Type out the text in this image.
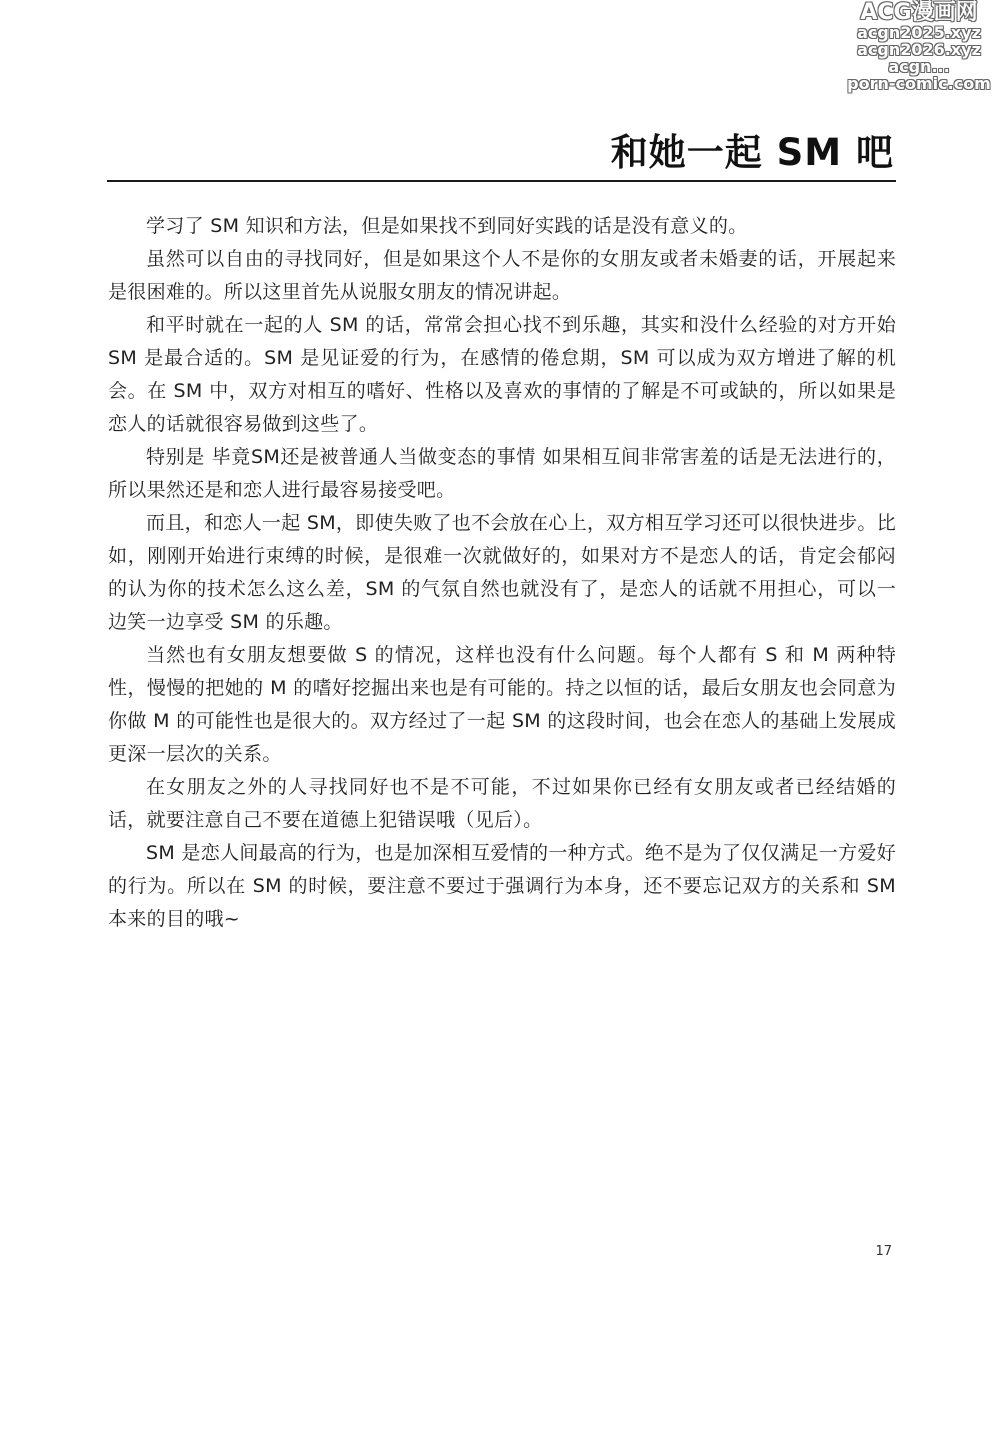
ACG漫画网
acgn2025.xyz
acgn2026.xyz
acgn...
porn-comic.com
和她一起 SM 吧

学习了 SM 知识和方法，但是如果找不到同好实践的话是没有意义的。

虽然可以自由的寻找同好，但是如果这个人不是你的女朋友或者未婚妻的话，开展起来是很困难的。所以这里首先从说服女朋友的情况讲起。

和平时就在一起的人 SM 的话，常常会担心找不到乐趣，其实和没什么经验的对方开始 SM 是最合适的。SM 是见证爱的行为，在感情的倦怠期，SM 可以成为双方增进了解的机会。在 SM 中，双方对相互的嗜好、性格以及喜欢的事情的了解是不可或缺的，所以如果是恋人的话就很容易做到这些了。

特别是 毕竟SM还是被普通人当做变态的事情 如果相互间非常害羞的话是无法进行的，所以果然还是和恋人进行最容易接受吧。

而且，和恋人一起 SM，即使失败了也不会放在心上，双方相互学习还可以很快进步。比如，刚刚开始进行束缚的时候，是很难一次就做好的，如果对方不是恋人的话，肯定会郁闷的认为你的技术怎么这么差，SM 的气氛自然也就没有了，是恋人的话就不用担心，可以一边笑一边享受 SM 的乐趣。

当然也有女朋友想要做 S 的情况，这样也没有什么问题。每个人都有 S 和 M 两种特性，慢慢的把她的 M 的嗜好挖掘出来也是有可能的。持之以恒的话，最后女朋友也会同意为你做 M 的可能性也是很大的。双方经过了一起 SM 的这段时间，也会在恋人的基础上发展成更深一层次的关系。

在女朋友之外的人寻找同好也不是不可能，不过如果你已经有女朋友或者已经结婚的话，就要注意自己不要在道德上犯错误哦（见后）。

SM 是恋人间最高的行为，也是加深相互爱情的一种方式。绝不是为了仅仅满足一方爱好的行为。所以在 SM 的时候，要注意不要过于强调行为本身，还不要忘记双方的关系和 SM 本来的目的哦~

17
